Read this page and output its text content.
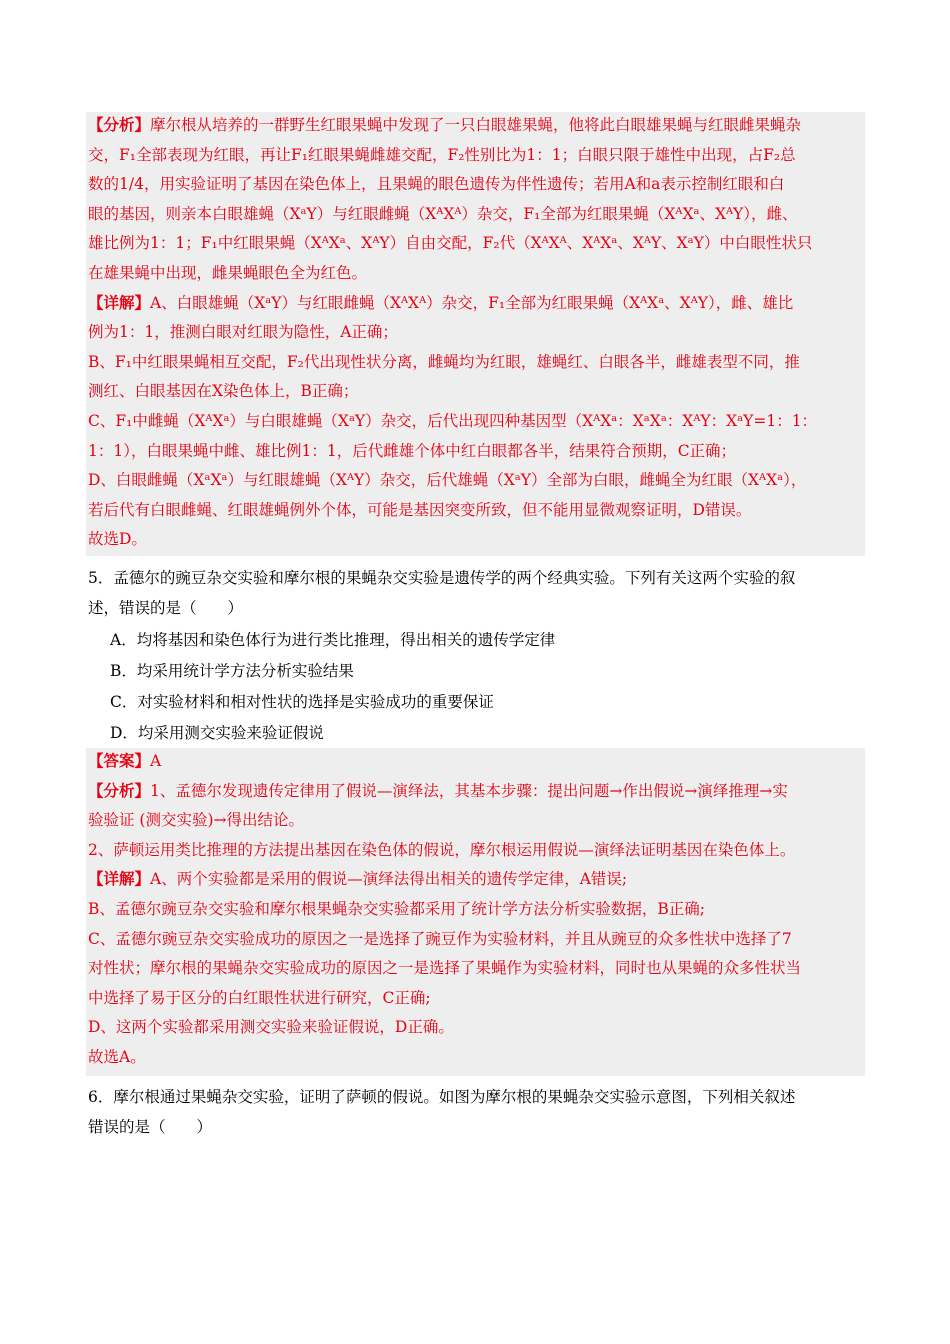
【分析】摩尔根从培养的一群野生红眼果蝇中发现了一只白眼雄果蝇，他将此白眼雄果蝇与红眼雌果蝇杂
交，F₁全部表现为红眼，再让F₁红眼果蝇雌雄交配，F₂性别比为1：1；白眼只限于雄性中出现，占F₂总
数的1/4，用实验证明了基因在染色体上，且果蝇的眼色遗传为伴性遗传；若用A和a表示控制红眼和白
眼的基因，则亲本白眼雄蝇（XᵃY）与红眼雌蝇（XᴬXᴬ）杂交，F₁全部为红眼果蝇（XᴬXᵃ、XᴬY），雌、
雄比例为1：1；F₁中红眼果蝇（XᴬXᵃ、XᴬY）自由交配，F₂代（XᴬXᴬ、XᴬXᵃ、XᴬY、XᵃY）中白眼性状只
在雄果蝇中出现，雌果蝇眼色全为红色。
【详解】A、白眼雄蝇（XᵃY）与红眼雌蝇（XᴬXᴬ）杂交，F₁全部为红眼果蝇（XᴬXᵃ、XᴬY），雌、雄比
例为1：1，推测白眼对红眼为隐性，A正确；
B、F₁中红眼果蝇相互交配，F₂代出现性状分离，雌蝇均为红眼，雄蝇红、白眼各半，雌雄表型不同，推
测红、白眼基因在X染色体上，B正确；
C、F₁中雌蝇（XᴬXᵃ）与白眼雄蝇（XᵃY）杂交，后代出现四种基因型（XᴬXᵃ：XᵃXᵃ：XᴬY：XᵃY=1：1：
1：1），白眼果蝇中雌、雄比例1：1，后代雌雄个体中红白眼都各半，结果符合预期，C正确；
D、白眼雌蝇（XᵃXᵃ）与红眼雄蝇（XᴬY）杂交，后代雄蝇（XᵃY）全部为白眼，雌蝇全为红眼（XᴬXᵃ），
若后代有白眼雌蝇、红眼雄蝇例外个体，可能是基因突变所致，但不能用显微观察证明，D错误。
故选D。
5．孟德尔的豌豆杂交实验和摩尔根的果蝇杂交实验是遗传学的两个经典实验。下列有关这两个实验的叙
述，错误的是（　　）
A．均将基因和染色体行为进行类比推理，得出相关的遗传学定律
B．均采用统计学方法分析实验结果
C．对实验材料和相对性状的选择是实验成功的重要保证
D．均采用测交实验来验证假说
【答案】A
【分析】1、孟德尔发现遗传定律用了假说—演绎法，其基本步骤：提出问题→作出假说→演绎推理→实
验验证 (测交实验)→得出结论。
2、萨顿运用类比推理的方法提出基因在染色体的假说，摩尔根运用假说—演绎法证明基因在染色体上。
【详解】A、两个实验都是采用的假说—演绎法得出相关的遗传学定律，A错误;
B、孟德尔豌豆杂交实验和摩尔根果蝇杂交实验都采用了统计学方法分析实验数据，B正确;
C、孟德尔豌豆杂交实验成功的原因之一是选择了豌豆作为实验材料，并且从豌豆的众多性状中选择了7
对性状；摩尔根的果蝇杂交实验成功的原因之一是选择了果蝇作为实验材料，同时也从果蝇的众多性状当
中选择了易于区分的白红眼性状进行研究，C正确;
D、这两个实验都采用测交实验来验证假说，D正确。
故选A。
6．摩尔根通过果蝇杂交实验，证明了萨顿的假说。如图为摩尔根的果蝇杂交实验示意图，下列相关叙述
错误的是（　　）
